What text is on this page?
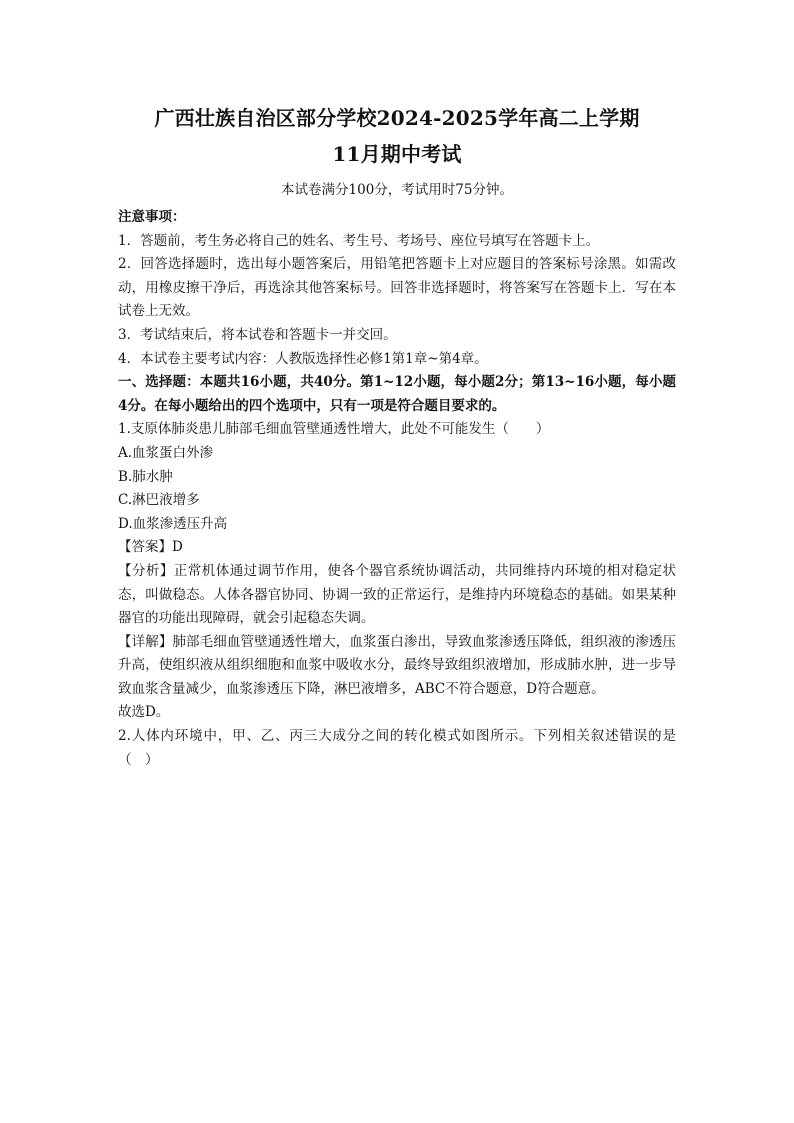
广西壮族自治区部分学校2024-2025学年高二上学期
11月期中考试
本试卷满分100分，考试用时75分钟。

注意事项：

1．答题前，考生务必将自己的姓名、考生号、考场号、座位号填写在答题卡上。

2．回答选择题时，选出每小题答案后，用铅笔把答题卡上对应题目的答案标号涂黑。如需改动，用橡皮擦干净后，再选涂其他答案标号。回答非选择题时，将答案写在答题卡上．写在本试卷上无效。

3．考试结束后，将本试卷和答题卡一并交回。

4．本试卷主要考试内容：人教版选择性必修1第1章~第4章。

一、选择题：本题共16小题，共40分。第1~12小题，每小题2分；第13~16小题，每小题4分。在每小题给出的四个选项中，只有一项是符合题目要求的。

1.支原体肺炎患儿肺部毛细血管壁通透性增大，此处不可能发生（　　）

A.血浆蛋白外渗

B.肺水肿

C.淋巴液增多

D.血浆渗透压升高

【答案】D

【分析】正常机体通过调节作用，使各个器官系统协调活动，共同维持内环境的相对稳定状态，叫做稳态。人体各器官协同、协调一致的正常运行，是维持内环境稳态的基础。如果某种器官的功能出现障碍，就会引起稳态失调。

【详解】肺部毛细血管壁通透性增大，血浆蛋白渗出，导致血浆渗透压降低，组织液的渗透压升高，使组织液从组织细胞和血浆中吸收水分，最终导致组织液增加，形成肺水肿，进一步导致血浆含量减少，血浆渗透压下降，淋巴液增多，ABC不符合题意，D符合题意。

故选D。

2.人体内环境中，甲、乙、丙三大成分之间的转化模式如图所示。下列相关叙述错误的是（　）
